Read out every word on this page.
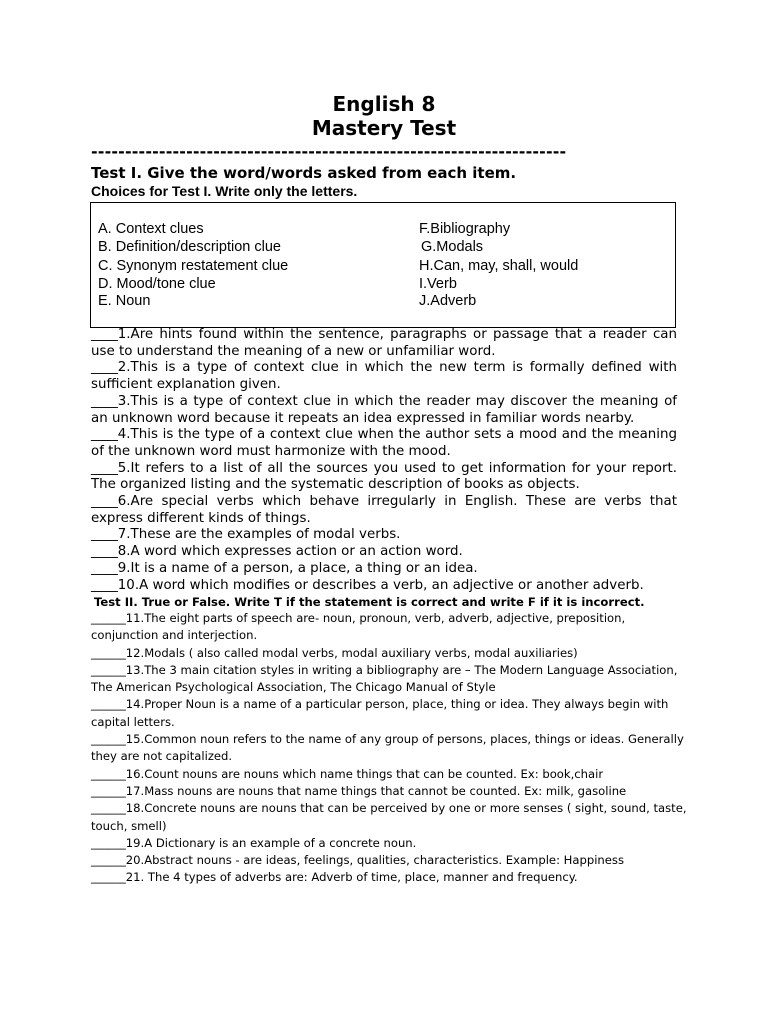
English 8
Mastery Test
----------------------------------------------------------------------
Test I. Give the word/words asked from each item.
Choices for Test I. Write only the letters.
A. Context clues
B. Definition/description clue
C. Synonym restatement clue
D. Mood/tone clue
E. Noun
F.Bibliography
G.Modals
H.Can, may, shall, would
I.Verb
J.Adverb

____1.Are hints found within the sentence, paragraphs or passage that a reader can use to understand the meaning of a new or unfamiliar word.

____2.This is a type of context clue in which the new term is formally defined with sufficient explanation given.

____3.This is a type of context clue in which the reader may discover the meaning of an unknown word because it repeats an idea expressed in familiar words nearby.

____4.This is the type of a context clue when the author sets a mood and the meaning of the unknown word must harmonize with the mood.

____5.It refers to a list of all the sources you used to get information for your report. The organized listing and the systematic description of books as objects.

____6.Are special verbs which behave irregularly in English. These are verbs that express different kinds of things.

____7.These are the examples of modal verbs.

____8.A word which expresses action or an action word.

____9.It is a name of a person, a place, a thing or an idea.

____10.A word which modifies or describes a verb, an adjective or another adverb.

Test II. True or False. Write T if the statement is correct and write F if it is incorrect.

______11.The eight parts of speech are- noun, pronoun, verb, adverb, adjective, preposition, conjunction and interjection.

______12.Modals ( also called modal verbs, modal auxiliary verbs, modal auxiliaries)

______13.The 3 main citation styles in writing a bibliography are – The Modern Language Association, The American Psychological Association, The Chicago Manual of Style

______14.Proper Noun is a name of a particular person, place, thing or idea. They always begin with capital letters.

______15.Common noun refers to the name of any group of persons, places, things or ideas. Generally they are not capitalized.

______16.Count nouns are nouns which name things that can be counted. Ex: book,chair

______17.Mass nouns are nouns that name things that cannot be counted. Ex: milk, gasoline

______18.Concrete nouns are nouns that can be perceived by one or more senses ( sight, sound, taste, touch, smell)

______19.A Dictionary is an example of a concrete noun.

______20.Abstract nouns - are ideas, feelings, qualities, characteristics. Example: Happiness

______21. The 4 types of adverbs are: Adverb of time, place, manner and frequency.
